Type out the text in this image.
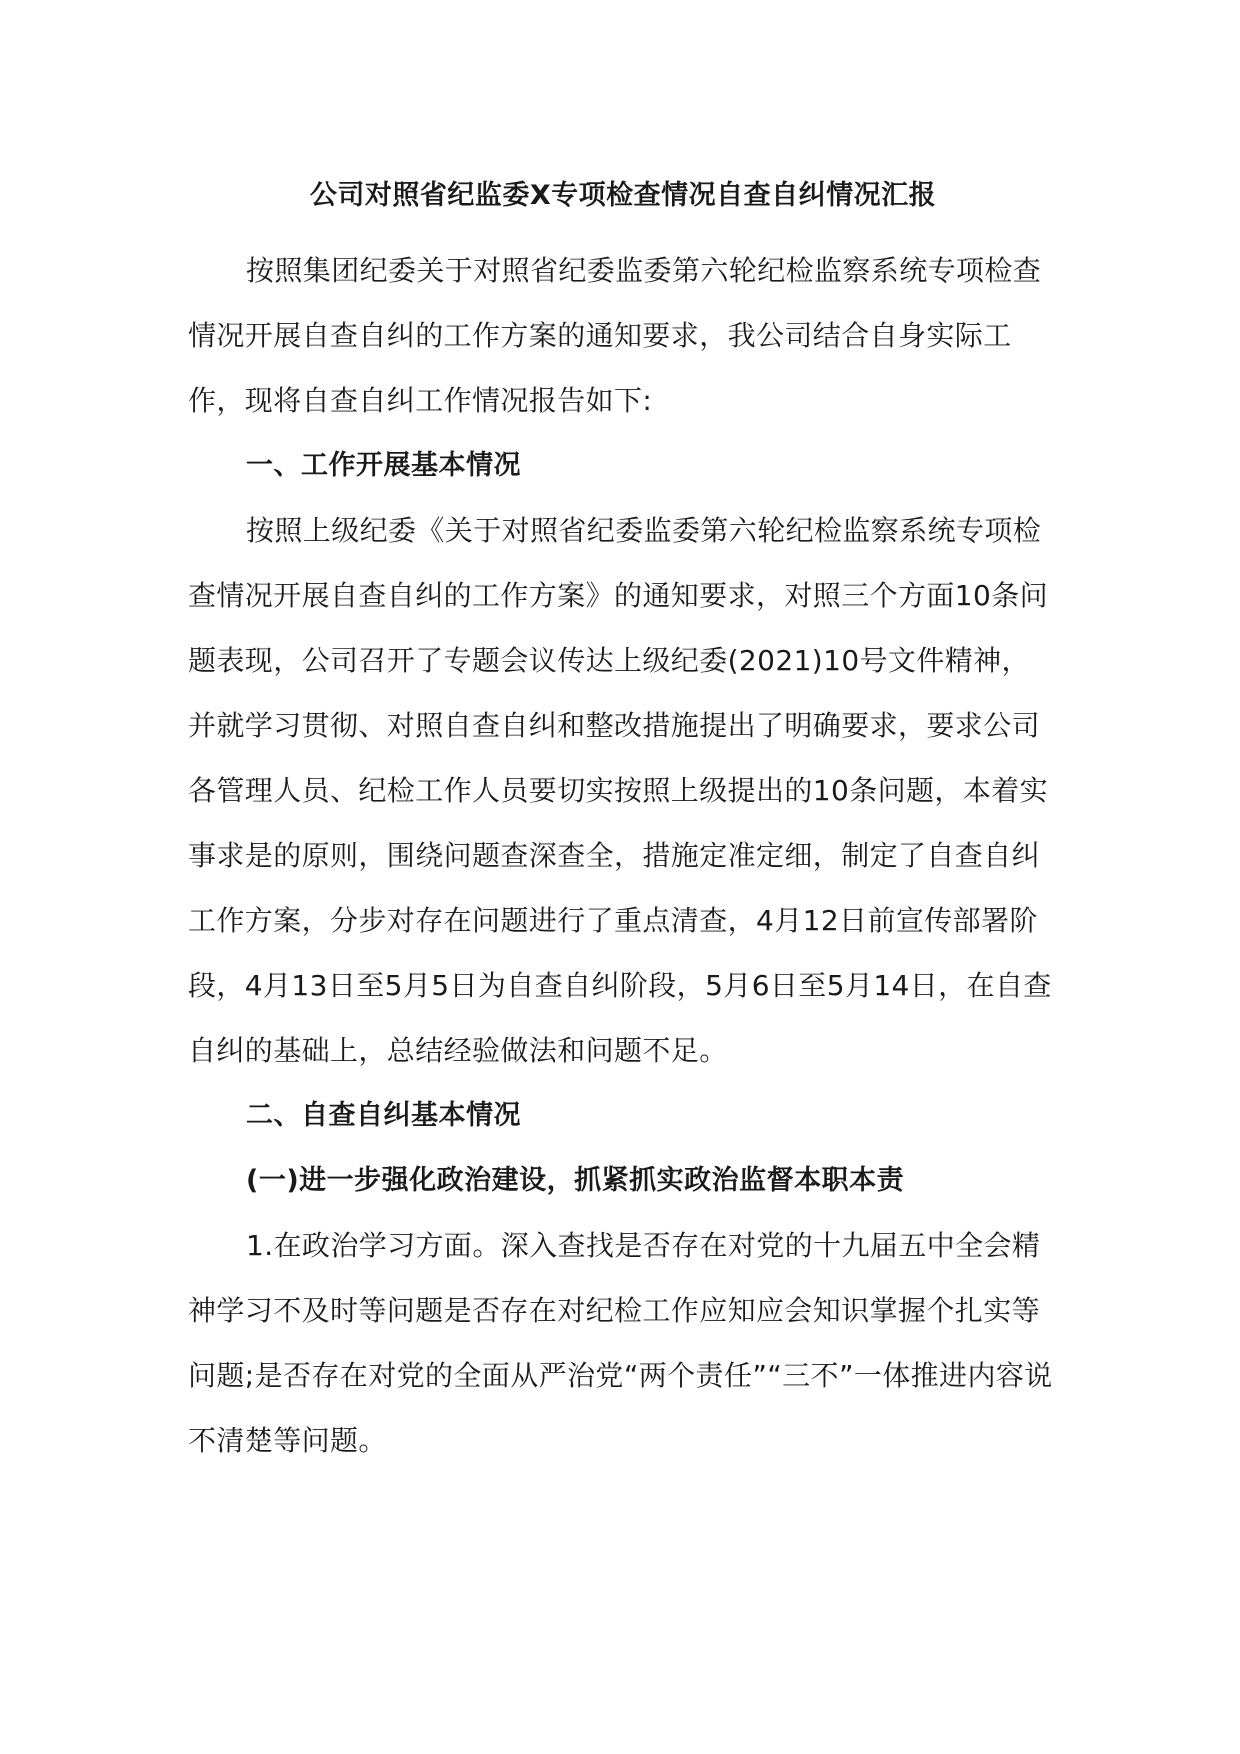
公司对照省纪监委X专项检查情况自查自纠情况汇报

按照集团纪委关于对照省纪委监委第六轮纪检监察系统专项检查情况开展自查自纠的工作方案的通知要求，我公司结合自身实际工作，现将自查自纠工作情况报告如下:

一、工作开展基本情况

按照上级纪委《关于对照省纪委监委第六轮纪检监察系统专项检查情况开展自查自纠的工作方案》的通知要求，对照三个方面10条问题表现，公司召开了专题会议传达上级纪委(2021)10号文件精神，并就学习贯彻、对照自查自纠和整改措施提出了明确要求，要求公司各管理人员、纪检工作人员要切实按照上级提出的10条问题，本着实事求是的原则，围绕问题查深查全，措施定准定细，制定了自查自纠工作方案，分步对存在问题进行了重点清查，4月12日前宣传部署阶段，4月13日至5月5日为自查自纠阶段，5月6日至5月14日，在自查自纠的基础上，总结经验做法和问题不足。

二、自查自纠基本情况

(一)进一步强化政治建设，抓紧抓实政治监督本职本责

1.在政治学习方面。深入查找是否存在对党的十九届五中全会精神学习不及时等问题是否存在对纪检工作应知应会知识掌握个扎实等问题;是否存在对党的全面从严治党“两个责任”“三不”一体推进内容说不清楚等问题。
